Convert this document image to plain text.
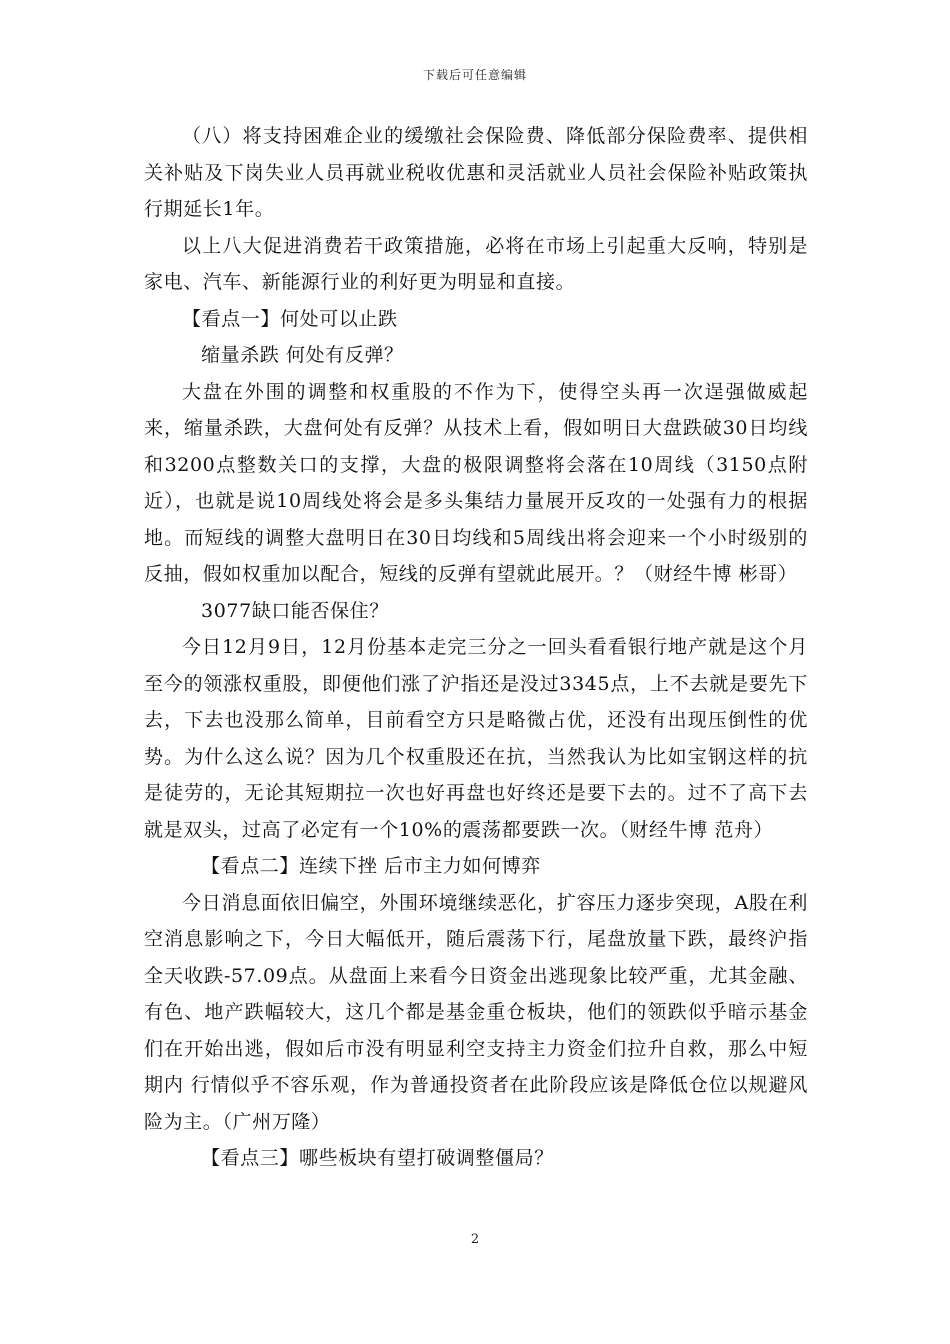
下载后可任意编辑

（八）将支持困难企业的缓缴社会保险费、降低部分保险费率、提供相关补贴及下岗失业人员再就业税收优惠和灵活就业人员社会保险补贴政策执行期延长1年。

以上八大促进消费若干政策措施，必将在市场上引起重大反响，特别是家电、汽车、新能源行业的利好更为明显和直接。

【看点一】何处可以止跌

缩量杀跌 何处有反弹？

大盘在外围的调整和权重股的不作为下，使得空头再一次逞强做威起来，缩量杀跌，大盘何处有反弹？从技术上看，假如明日大盘跌破30日均线和3200点整数关口的支撑，大盘的极限调整将会落在10周线（3150点附近），也就是说10周线处将会是多头集结力量展开反攻的一处强有力的根据地。而短线的调整大盘明日在30日均线和5周线出将会迎来一个小时级别的反抽，假如权重加以配合，短线的反弹有望就此展开。？（财经牛博 彬哥）

3077缺口能否保住？

今日12月9日，12月份基本走完三分之一回头看看银行地产就是这个月至今的领涨权重股，即便他们涨了沪指还是没过3345点，上不去就是要先下去，下去也没那么简单，目前看空方只是略微占优，还没有出现压倒性的优势。为什么这么说？因为几个权重股还在抗，当然我认为比如宝钢这样的抗是徒劳的，无论其短期拉一次也好再盘也好终还是要下去的。过不了高下去就是双头，过高了必定有一个10%的震荡都要跌一次。（财经牛博 范舟）

【看点二】连续下挫 后市主力如何博弈

今日消息面依旧偏空，外围环境继续恶化，扩容压力逐步突现，A股在利空消息影响之下，今日大幅低开，随后震荡下行，尾盘放量下跌，最终沪指全天收跌-57.09点。从盘面上来看今日资金出逃现象比较严重，尤其金融、有色、地产跌幅较大，这几个都是基金重仓板块，他们的领跌似乎暗示基金们在开始出逃，假如后市没有明显利空支持主力资金们拉升自救，那么中短期内 行情似乎不容乐观，作为普通投资者在此阶段应该是降低仓位以规避风险为主。（广州万隆）

【看点三】哪些板块有望打破调整僵局？

2
